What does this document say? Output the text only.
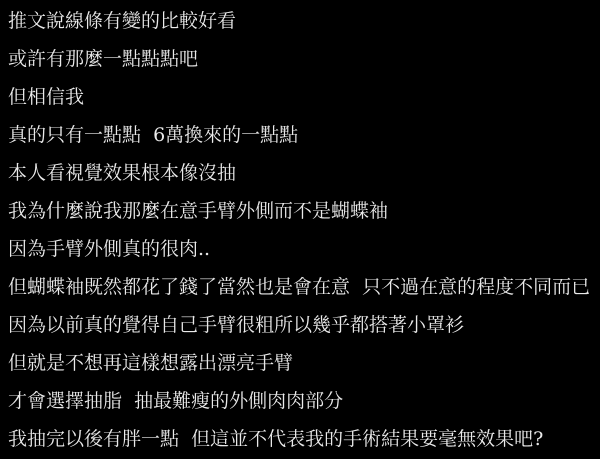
推文說線條有變的比較好看
或許有那麼一點點點吧
但相信我
真的只有一點點  6萬換來的一點點
本人看視覺效果根本像沒抽
我為什麼說我那麼在意手臂外側而不是蝴蝶袖
因為手臂外側真的很肉..
但蝴蝶袖既然都花了錢了當然也是會在意  只不過在意的程度不同而已
因為以前真的覺得自己手臂很粗所以幾乎都搭著小罩衫
但就是不想再這樣想露出漂亮手臂
才會選擇抽脂  抽最難瘦的外側肉肉部分
我抽完以後有胖一點  但這並不代表我的手術結果要毫無效果吧?
